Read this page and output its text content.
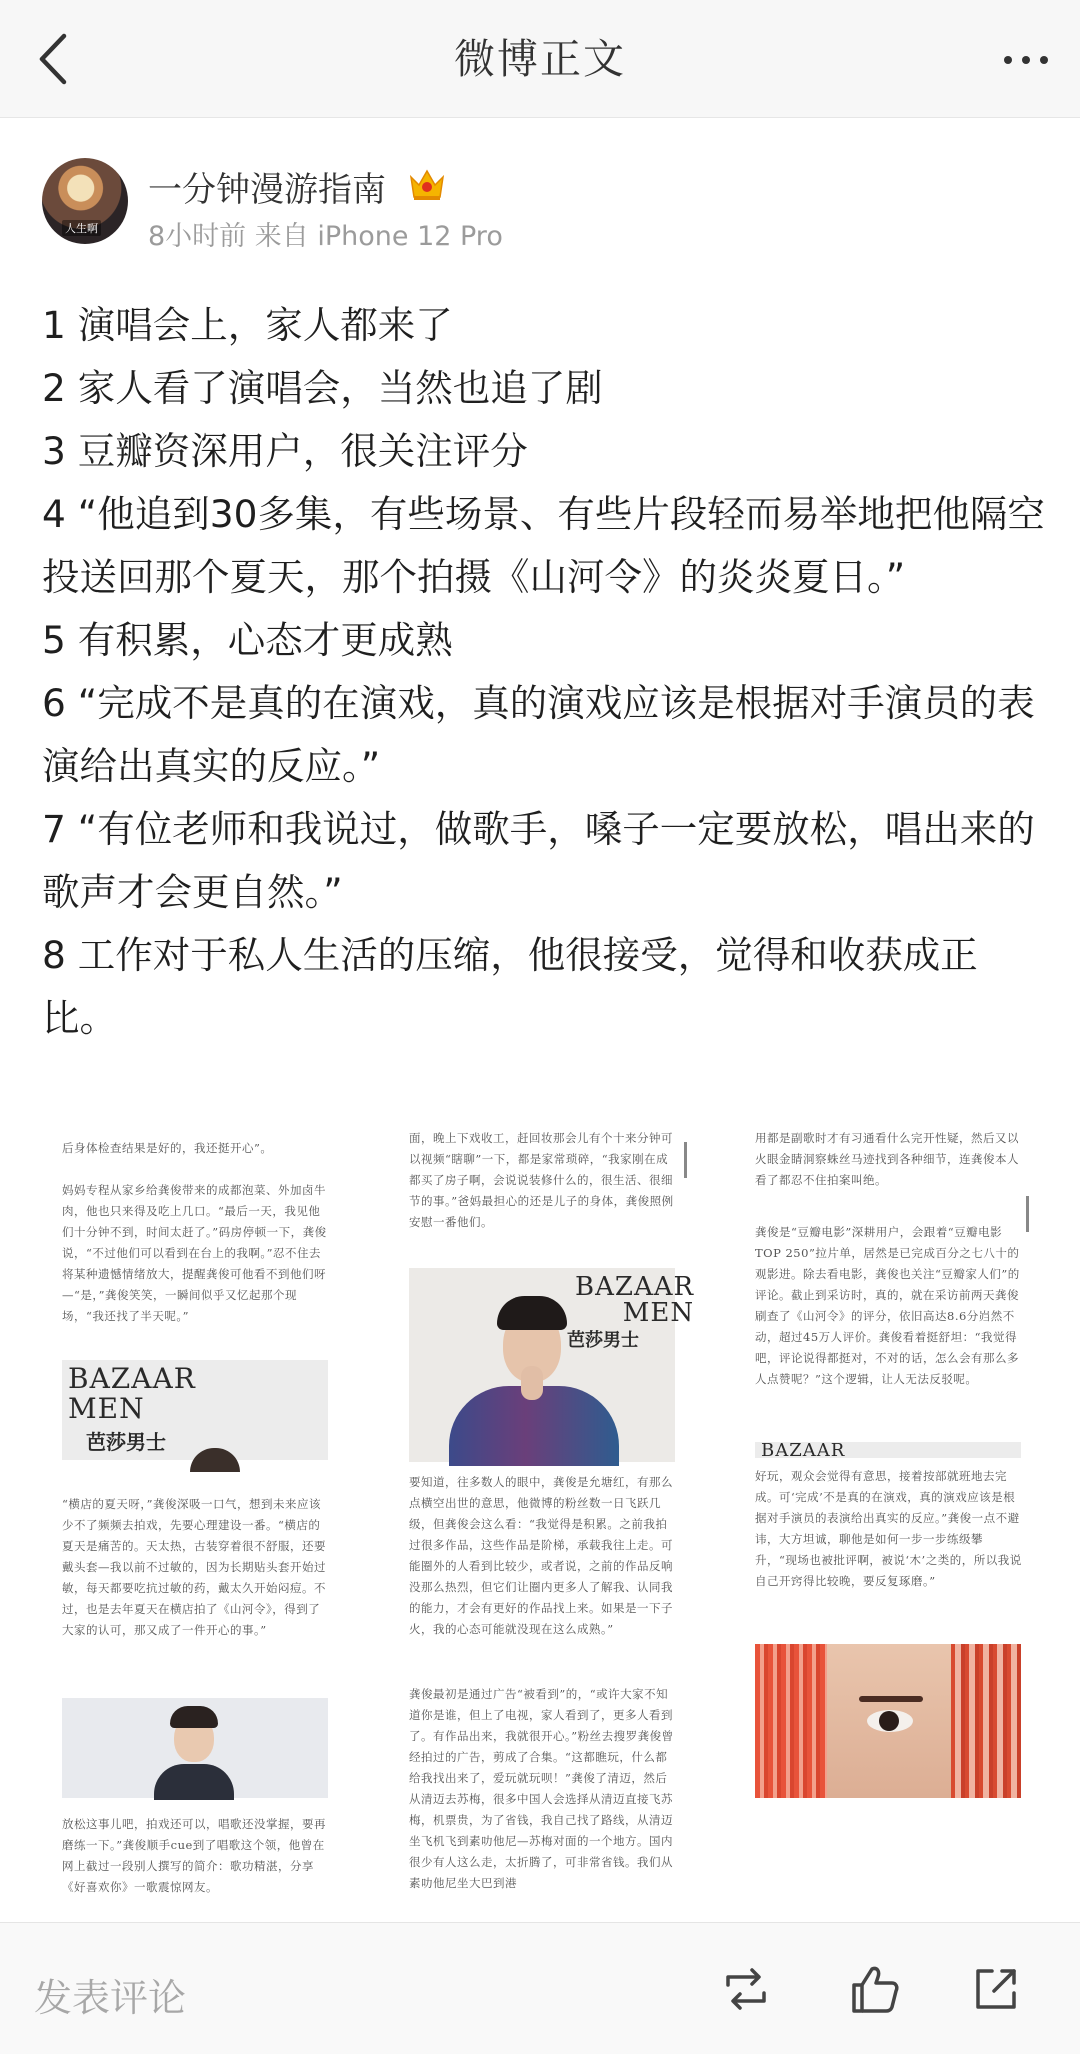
微博正文
人生啊
一分钟漫游指南
8小时前 来自 iPhone 12 Pro

1 演唱会上，家人都来了

2 家人看了演唱会，当然也追了剧

3 豆瓣资深用户，很关注评分

4 “他追到30多集，有些场景、有些片段轻而易举地把他隔空投送回那个夏天，那个拍摄《山河令》的炎炎夏日。”

5 有积累，心态才更成熟

6 “完成不是真的在演戏，真的演戏应该是根据对手演员的表演给出真实的反应。”

7 “有位老师和我说过，做歌手，嗓子一定要放松，唱出来的歌声才会更自然。”

8 工作对于私人生活的压缩，他很接受，觉得和收获成正比。

后身体检查结果是好的，我还挺开心”。
妈妈专程从家乡给龚俊带来的成都泡菜、外加卤牛肉，他也只来得及吃上几口。“最后一天，我见他们十分钟不到，时间太赶了。”码房停顿一下，龚俊说，“不过他们可以看到在台上的我啊。”忍不住去将某种遗憾情绪放大，提醒龚俊可他看不到他们呀—“是，”龚俊笑笑，一瞬间似乎又忆起那个现场，“我还找了半天呢。”
BAZAAR
MEN
芭莎男士
“横店的夏天呀，”龚俊深吸一口气，想到未来应该少不了频频去拍戏，先要心理建设一番。“横店的夏天是痛苦的。天太热，古装穿着很不舒服，还要戴头套—我以前不过敏的，因为长期贴头套开始过敏，每天都要吃抗过敏的药，戴太久开始闷痘。不过，也是去年夏天在横店拍了《山河令》，得到了大家的认可，那又成了一件开心的事。”
放松这事儿吧，拍戏还可以，唱歌还没掌握，要再磨练一下。”龚俊顺手cue到了唱歌这个领，他曾在网上截过一段别人撰写的简介：歌功精湛，分享《好喜欢你》一歌震惊网友。
面，晚上下戏收工，赶回妆那会儿有个十来分钟可以视频“瞎聊”一下，都是家常琐碎，“我家刚在成都买了房子啊，会说说装修什么的，很生活、很细节的事。”爸妈最担心的还是儿子的身体，龚俊照例安慰一番他们。
BAZAAR
MEN
芭莎男士
要知道，往多数人的眼中，龚俊是允塘红，有那么点横空出世的意思，他微博的粉丝数一日飞跃几级，但龚俊会这么看：“我觉得是积累。之前我拍过很多作品，这些作品是阶梯，承载我往上走。可能圈外的人看到比较少，或者说，之前的作品反响没那么热烈，但它们让圈内更多人了解我、认同我的能力，才会有更好的作品找上来。如果是一下子火，我的心态可能就没现在这么成熟。”
龚俊最初是通过广告“被看到”的，“或许大家不知道你是谁，但上了电视，家人看到了，更多人看到了。有作品出来，我就很开心。”粉丝去搜罗龚俊曾经拍过的广告，剪成了合集。“这都瞧玩，什么都给我找出来了，爱玩就玩呗！”龚俊了清迈，然后从清迈去苏梅，很多中国人会选择从清迈直接飞苏梅，机票贵，为了省钱，我自己找了路线，从清迈坐飞机飞到素叻他尼—苏梅对面的一个地方。国内很少有人这么走，太折腾了，可非常省钱。我们从素叻他尼坐大巴到港
用都是副歌时才有习通看什么完开性疑，然后又以火眼金睛洞察蛛丝马迹找到各种细节，连龚俊本人看了都忍不住拍案叫绝。
龚俊是“豆瓣电影”深耕用户，会跟着“豆瓣电影TOP 250”拉片单，居然是已完成百分之七八十的观影进。除去看电影，龚俊也关注“豆瓣家人们”的评论。截止到采访时，真的，就在采访前两天龚俊刷查了《山河令》的评分，依旧高达8.6分岿然不动，超过45万人评价。龚俊看着挺舒坦：“我觉得吧，评论说得都挺对，不对的话，怎么会有那么多人点赞呢？”这个逻辑，让人无法反驳呢。
BAZAAR
好玩，观众会觉得有意思，接着按部就班地去完成。可‘完成’不是真的在演戏，真的演戏应该是根据对手演员的表演给出真实的反应。”龚俊一点不避讳，大方坦诚，聊他是如何一步一步练级攀升，“现场也被批评啊，被说‘木’之类的，所以我说自己开窍得比较晚，要反复琢磨。”
发表评论
